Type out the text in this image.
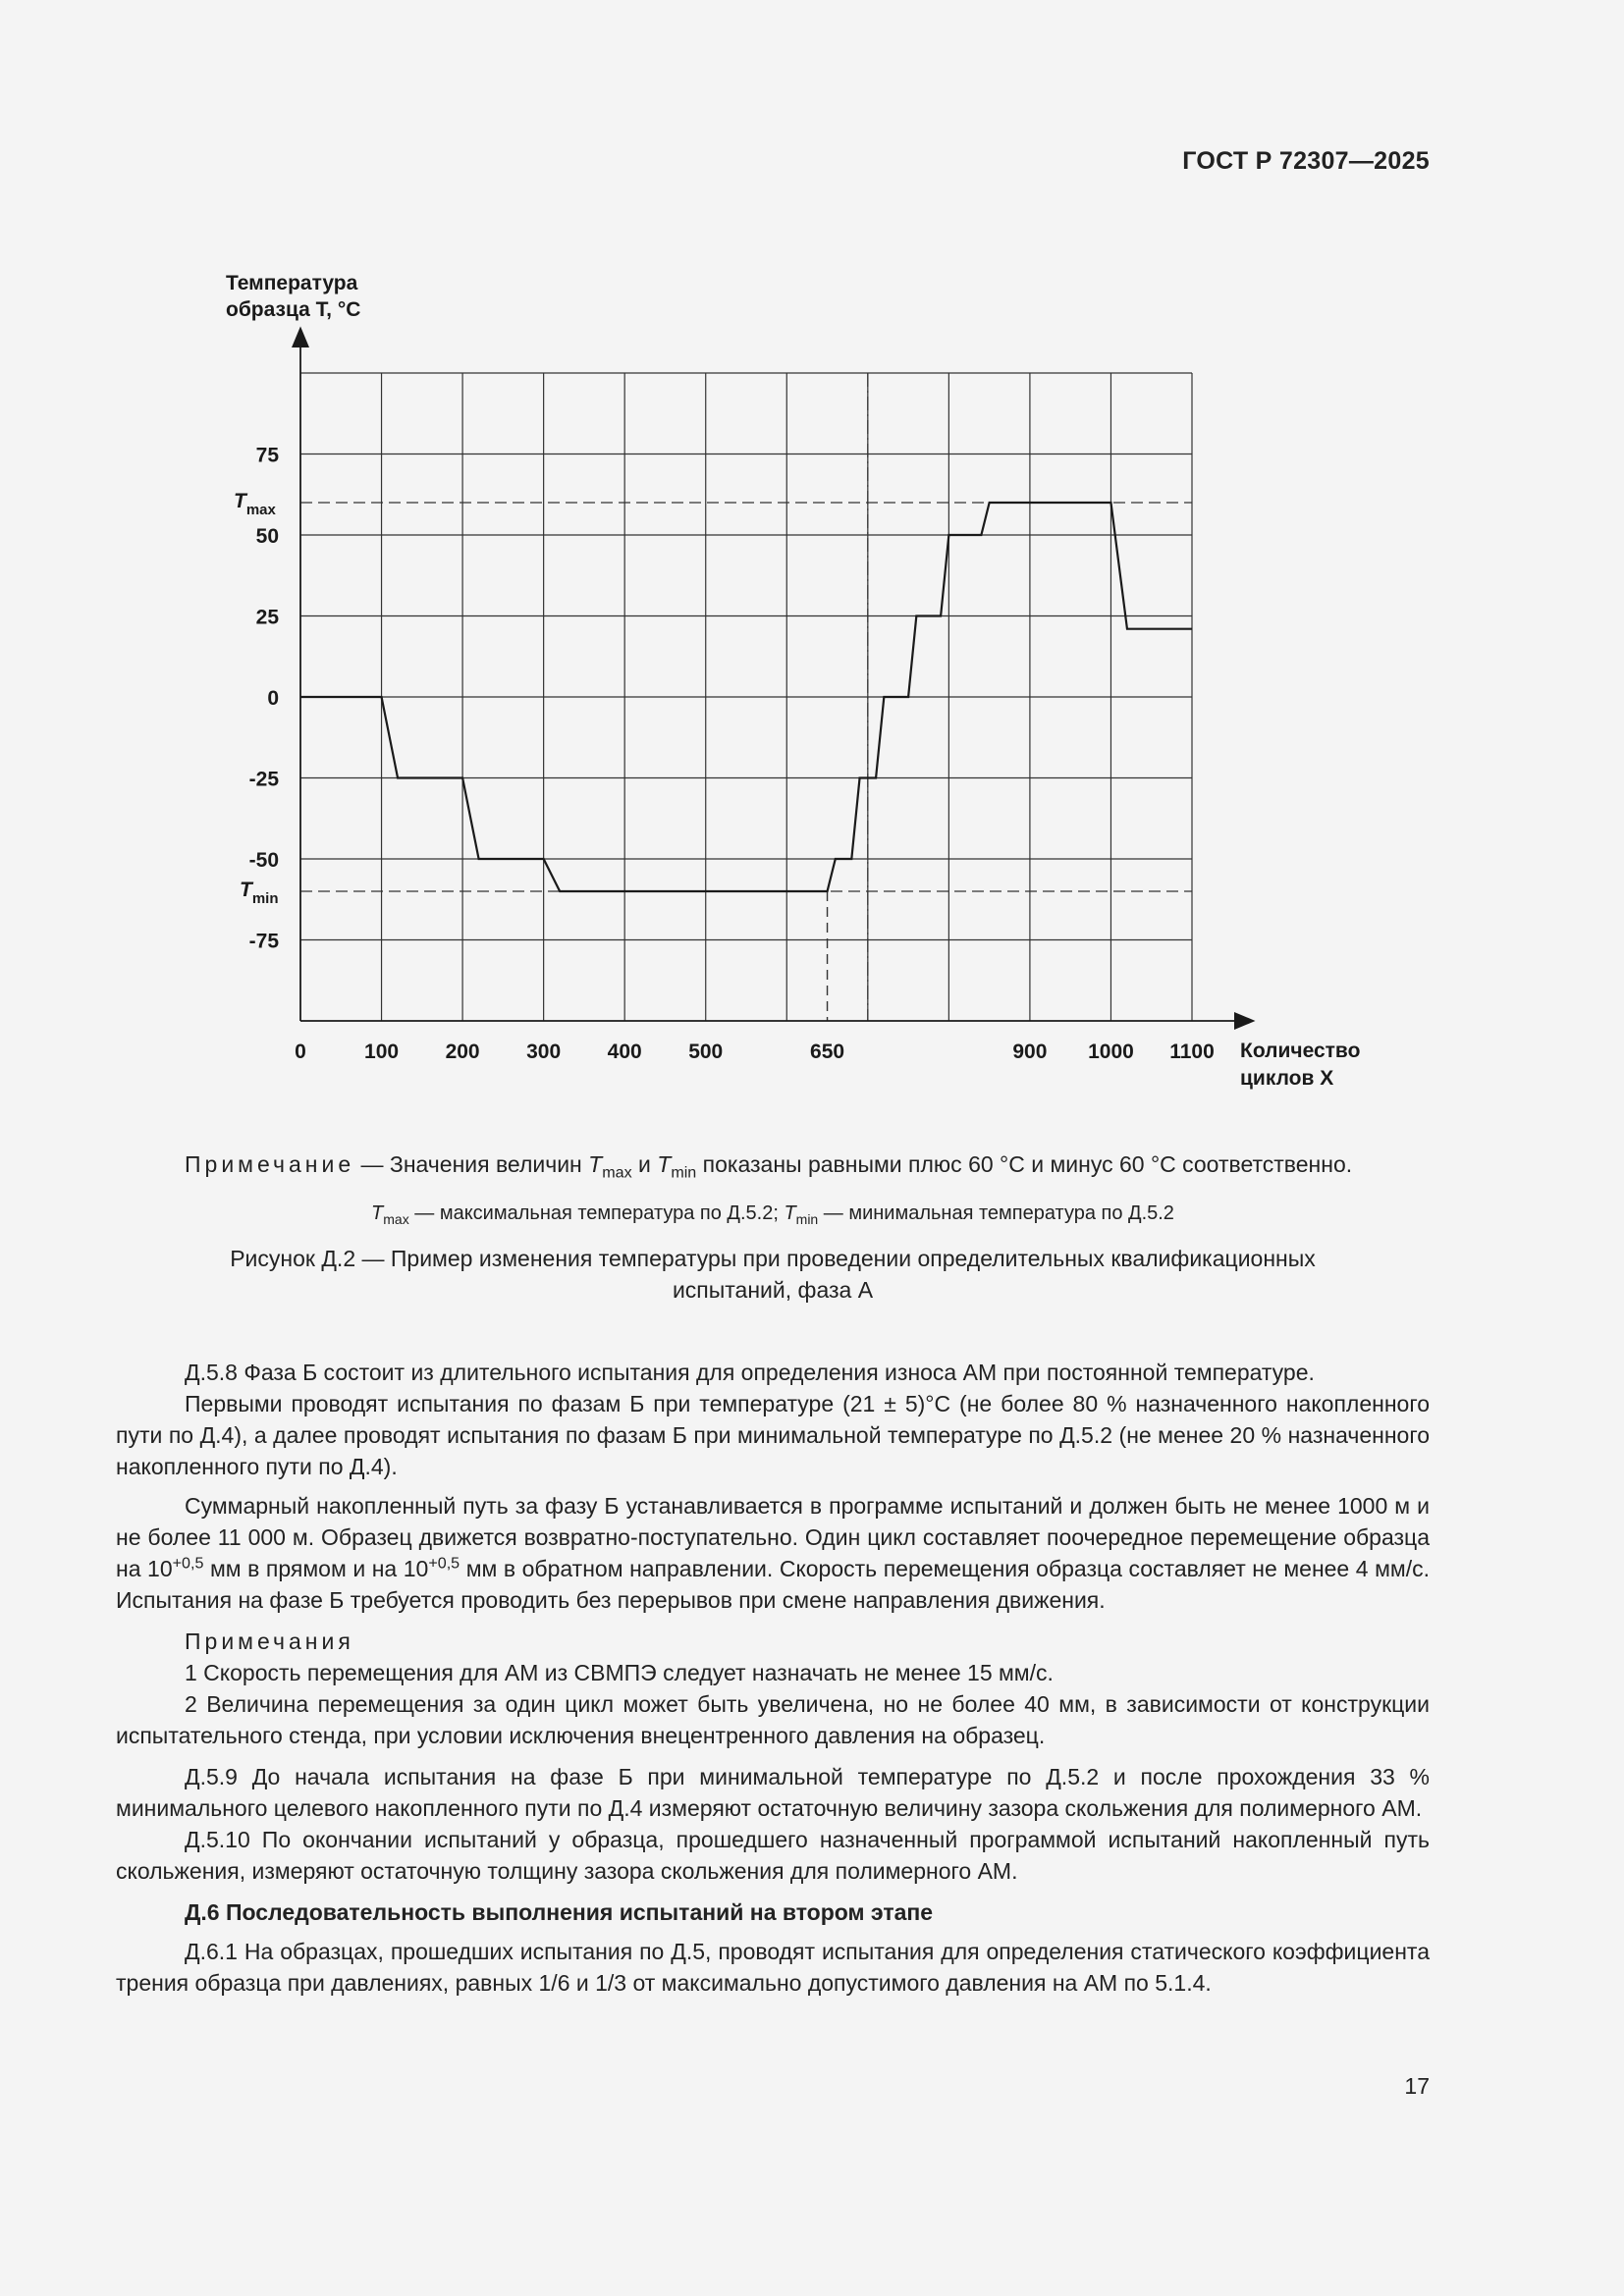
ГОСТ Р 72307—2025
Температура
образца T, °C
Количество
циклов X
$T_{max}$
$T_{min}$
0	100 200 300 400 500	650	900 1000 1100
75
50
25
0
-25
-50
-75

Примечание — Значения величин $T_{max}$ и $T_{min}$ показаны равными плюс 60 °C и минус 60 °C соответственно.

$T_{max}$ — максимальная температура по Д.5.2; $T_{min}$ — минимальная температура по Д.5.2
Рисунок Д.2 — Пример изменения температуры при проведении определительных квалификационных
испытаний, фаза А

Д.5.8 Фаза Б состоит из длительного испытания для определения износа АМ при постоянной температуре.

Первыми проводят испытания по фазам Б при температуре (21 ± 5)°C (не более 80 % назначенного накопленного пути по Д.4), а далее проводят испытания по фазам Б при минимальной температуре по Д.5.2 (не менее 20 % назначенного накопленного пути по Д.4).

Суммарный накопленный путь за фазу Б устанавливается в программе испытаний и должен быть не менее 1000 м и не более 11 000 м. Образец движется возвратно-поступательно. Один цикл составляет поочередное перемещение образца на $10^{+0,5}$ мм в прямом и на $10^{+0,5}$ мм в обратном направлении. Скорость перемещения образца составляет не менее 4 мм/с. Испытания на фазе Б требуется проводить без перерывов при смене направления движения.

Примечания

1 Скорость перемещения для АМ из СВМПЭ следует назначать не менее 15 мм/с.

2 Величина перемещения за один цикл может быть увеличена, но не более 40 мм, в зависимости от конструкции испытательного стенда, при условии исключения внецентренного давления на образец.

Д.5.9 До начала испытания на фазе Б при минимальной температуре по Д.5.2 и после прохождения 33 % минимального целевого накопленного пути по Д.4 измеряют остаточную величину зазора скольжения для полимерного АМ.

Д.5.10 По окончании испытаний у образца, прошедшего назначенный программой испытаний накопленный путь скольжения, измеряют остаточную толщину зазора скольжения для полимерного АМ.

Д.6 Последовательность выполнения испытаний на втором этапе

Д.6.1 На образцах, прошедших испытания по Д.5, проводят испытания для определения статического коэффициента трения образца при давлениях, равных 1/6 и 1/3 от максимально допустимого давления на АМ по 5.1.4.

17
